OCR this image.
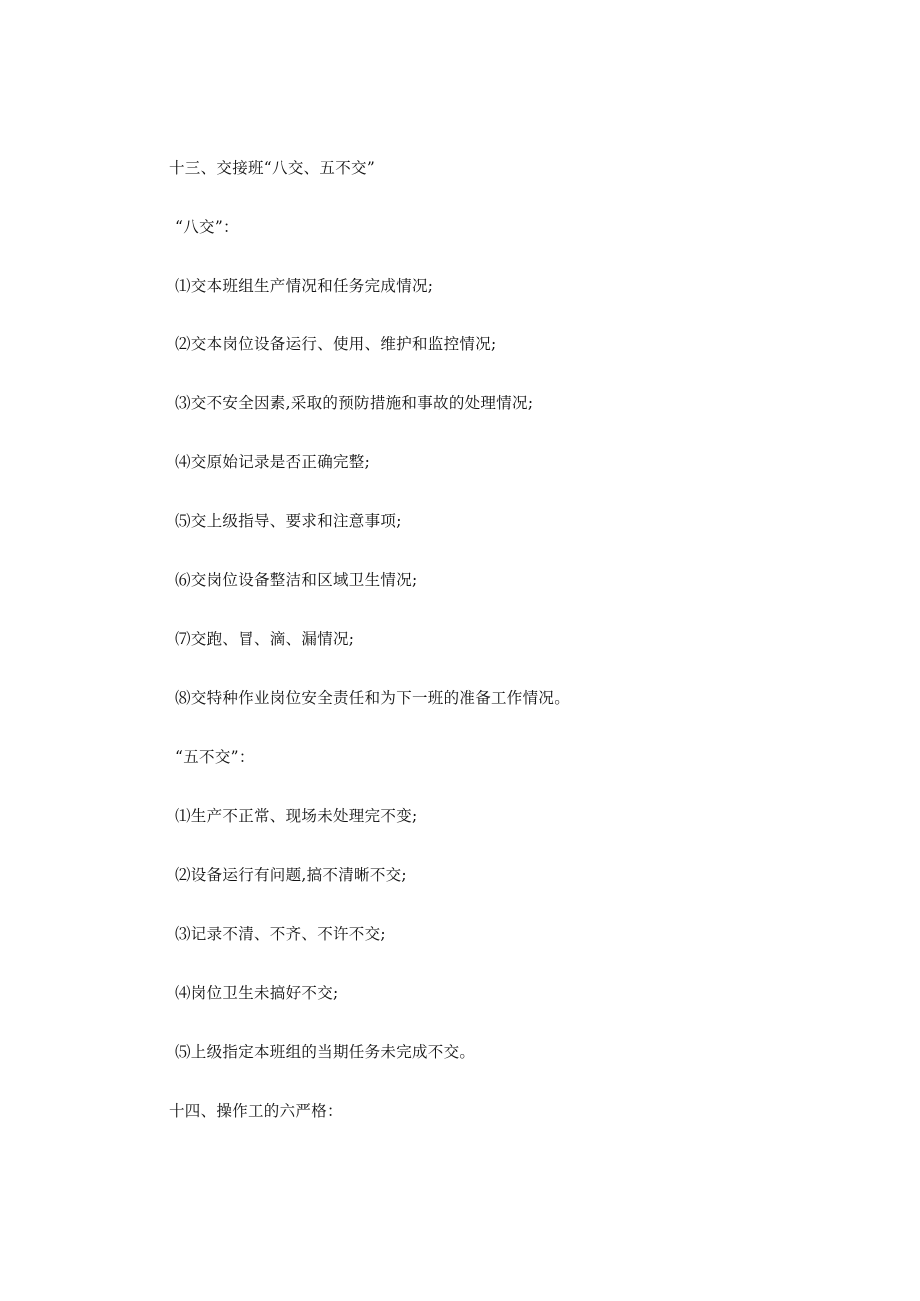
十三、交接班“八交、五不交”
“八交”：
⑴交本班组生产情况和任务完成情况;
⑵交本岗位设备运行、使用、维护和监控情况;
⑶交不安全因素,采取的预防措施和事故的处理情况;
⑷交原始记录是否正确完整;
⑸交上级指导、要求和注意事项;
⑹交岗位设备整洁和区域卫生情况;
⑺交跑、冒、滴、漏情况;
⑻交特种作业岗位安全责任和为下一班的准备工作情况。
“五不交”：
⑴生产不正常、现场未处理完不变;
⑵设备运行有问题,搞不清晰不交;
⑶记录不清、不齐、不许不交;
⑷岗位卫生未搞好不交;
⑸上级指定本班组的当期任务未完成不交。
十四、操作工的六严格：
